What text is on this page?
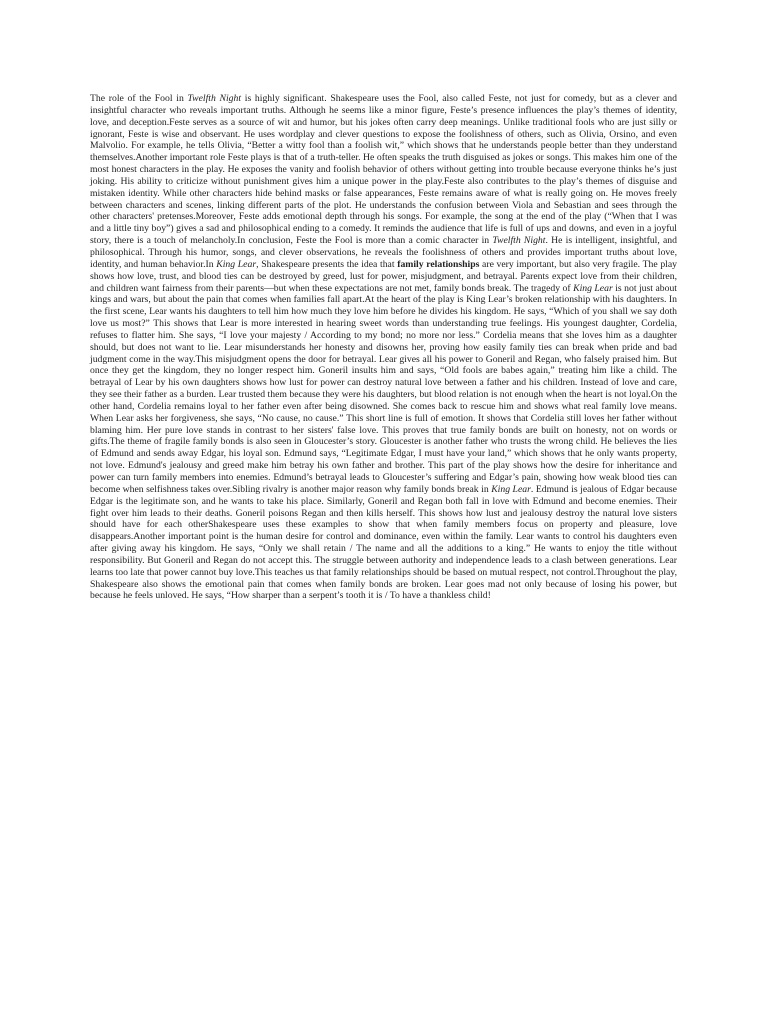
The role of the Fool in Twelfth Night is highly significant. Shakespeare uses the Fool, also called Feste, not just for comedy, but as a clever and insightful character who reveals important truths. Although he seems like a minor figure, Feste’s presence influences the play’s themes of identity, love, and deception.Feste serves as a source of wit and humor, but his jokes often carry deep meanings. Unlike traditional fools who are just silly or ignorant, Feste is wise and observant. He uses wordplay and clever questions to expose the foolishness of others, such as Olivia, Orsino, and even Malvolio. For example, he tells Olivia, “Better a witty fool than a foolish wit,” which shows that he understands people better than they understand themselves.Another important role Feste plays is that of a truth-teller. He often speaks the truth disguised as jokes or songs. This makes him one of the most honest characters in the play. He exposes the vanity and foolish behavior of others without getting into trouble because everyone thinks he’s just joking. His ability to criticize without punishment gives him a unique power in the play.Feste also contributes to the play’s themes of disguise and mistaken identity. While other characters hide behind masks or false appearances, Feste remains aware of what is really going on. He moves freely between characters and scenes, linking different parts of the plot. He understands the confusion between Viola and Sebastian and sees through the other characters' pretenses.Moreover, Feste adds emotional depth through his songs. For example, the song at the end of the play (“When that I was and a little tiny boy”) gives a sad and philosophical ending to a comedy. It reminds the audience that life is full of ups and downs, and even in a joyful story, there is a touch of melancholy.In conclusion, Feste the Fool is more than a comic character in Twelfth Night. He is intelligent, insightful, and philosophical. Through his humor, songs, and clever observations, he reveals the foolishness of others and provides important truths about love, identity, and human behavior.In King Lear, Shakespeare presents the idea that family relationships are very important, but also very fragile. The play shows how love, trust, and blood ties can be destroyed by greed, lust for power, misjudgment, and betrayal. Parents expect love from their children, and children want fairness from their parents—but when these expectations are not met, family bonds break. The tragedy of King Lear is not just about kings and wars, but about the pain that comes when families fall apart.At the heart of the play is King Lear’s broken relationship with his daughters. In the first scene, Lear wants his daughters to tell him how much they love him before he divides his kingdom. He says, “Which of you shall we say doth love us most?” This shows that Lear is more interested in hearing sweet words than understanding true feelings. His youngest daughter, Cordelia, refuses to flatter him. She says, “I love your majesty / According to my bond; no more nor less.” Cordelia means that she loves him as a daughter should, but does not want to lie. Lear misunderstands her honesty and disowns her, proving how easily family ties can break when pride and bad judgment come in the way.This misjudgment opens the door for betrayal. Lear gives all his power to Goneril and Regan, who falsely praised him. But once they get the kingdom, they no longer respect him. Goneril insults him and says, “Old fools are babes again,” treating him like a child. The betrayal of Lear by his own daughters shows how lust for power can destroy natural love between a father and his children. Instead of love and care, they see their father as a burden. Lear trusted them because they were his daughters, but blood relation is not enough when the heart is not loyal.On the other hand, Cordelia remains loyal to her father even after being disowned. She comes back to rescue him and shows what real family love means. When Lear asks her forgiveness, she says, “No cause, no cause.” This short line is full of emotion. It shows that Cordelia still loves her father without blaming him. Her pure love stands in contrast to her sisters' false love. This proves that true family bonds are built on honesty, not on words or gifts.The theme of fragile family bonds is also seen in Gloucester’s story. Gloucester is another father who trusts the wrong child. He believes the lies of Edmund and sends away Edgar, his loyal son. Edmund says, “Legitimate Edgar, I must have your land,” which shows that he only wants property, not love. Edmund's jealousy and greed make him betray his own father and brother. This part of the play shows how the desire for inheritance and power can turn family members into enemies. Edmund’s betrayal leads to Gloucester’s suffering and Edgar’s pain, showing how weak blood ties can become when selfishness takes over.Sibling rivalry is another major reason why family bonds break in King Lear. Edmund is jealous of Edgar because Edgar is the legitimate son, and he wants to take his place. Similarly, Goneril and Regan both fall in love with Edmund and become enemies. Their fight over him leads to their deaths. Goneril poisons Regan and then kills herself. This shows how lust and jealousy destroy the natural love sisters should have for each otherShakespeare uses these examples to show that when family members focus on property and pleasure, love disappears.Another important point is the human desire for control and dominance, even within the family. Lear wants to control his daughters even after giving away his kingdom. He says, “Only we shall retain / The name and all the additions to a king.” He wants to enjoy the title without responsibility. But Goneril and Regan do not accept this. The struggle between authority and independence leads to a clash between generations. Lear learns too late that power cannot buy love.This teaches us that family relationships should be based on mutual respect, not control.Throughout the play, Shakespeare also shows the emotional pain that comes when family bonds are broken. Lear goes mad not only because of losing his power, but because he feels unloved. He says, “How sharper than a serpent’s tooth it is / To have a thankless child!
